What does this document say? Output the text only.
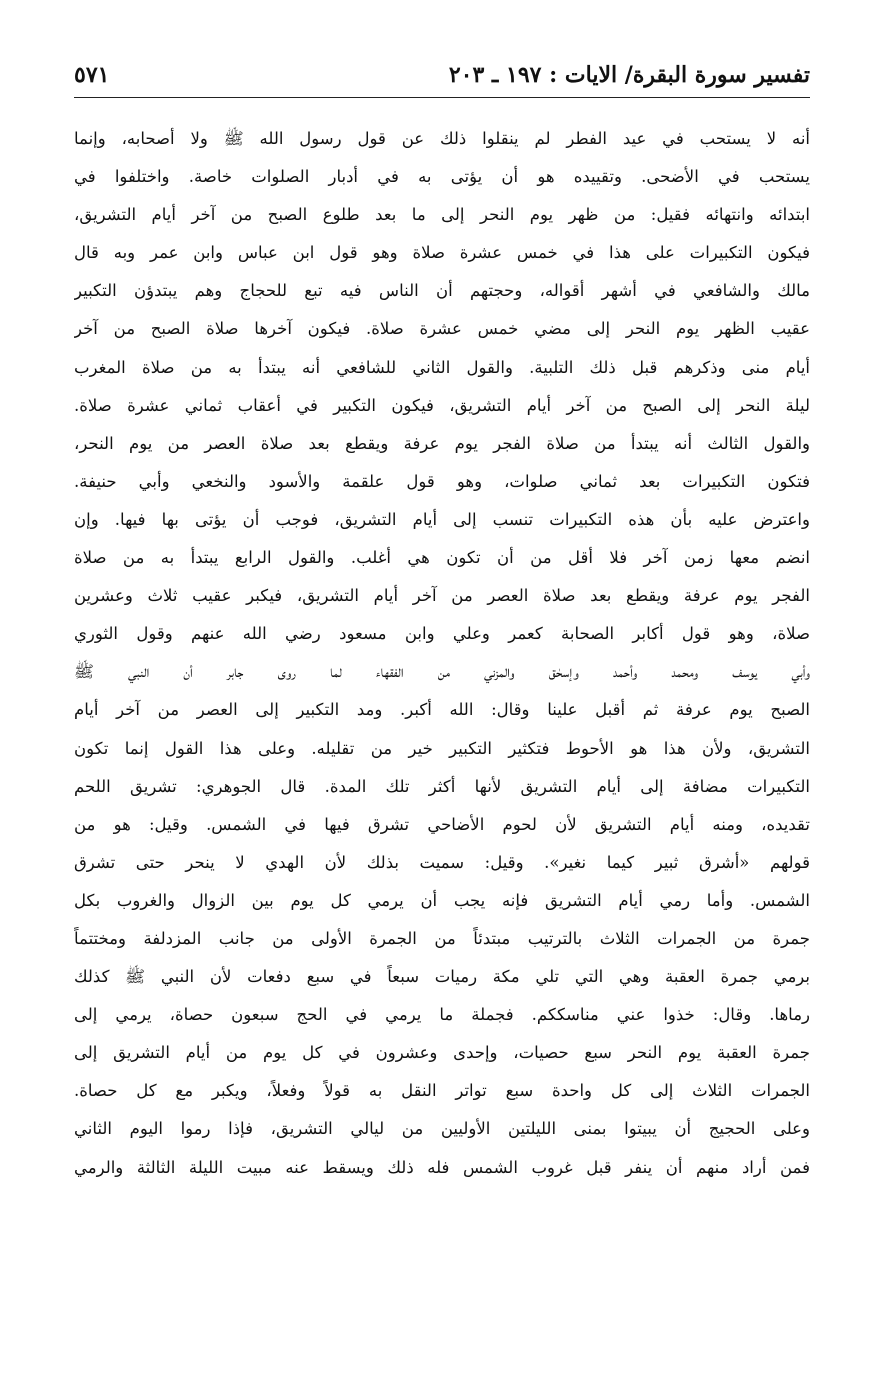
تفسير سورة البقرة/ الايات : ١٩٧ ـ ٢٠٣
٥٧١
أنه لا يستحب في عيد الفطر لم ينقلوا ذلك عن قول رسول الله ﷺ ولا أصحابه، وإنما
يستحب في الأضحى. وتقييده هو أن يؤتى به في أدبار الصلوات خاصة. واختلفوا في
ابتدائه وانتهائه فقيل: من ظهر يوم النحر إلى ما بعد طلوع الصبح من آخر أيام التشريق،
فيكون التكبيرات على هذا في خمس عشرة صلاة وهو قول ابن عباس وابن عمر وبه قال
مالك والشافعي في أشهر أقواله، وحجتهم أن الناس فيه تبع للحجاج وهم يبتدؤن التكبير
عقيب الظهر يوم النحر إلى مضي خمس عشرة صلاة. فيكون آخرها صلاة الصبح من آخر
أيام منى وذكرهم قبل ذلك التلبية. والقول الثاني للشافعي أنه يبتدأ به من صلاة المغرب
ليلة النحر إلى الصبح من آخر أيام التشريق، فيكون التكبير في أعقاب ثماني عشرة صلاة.
والقول الثالث أنه يبتدأ من صلاة الفجر يوم عرفة ويقطع بعد صلاة العصر من يوم النحر،
فتكون التكبيرات بعد ثماني صلوات، وهو قول علقمة والأسود والنخعي وأبي حنيفة.
واعترض عليه بأن هذه التكبيرات تنسب إلى أيام التشريق، فوجب أن يؤتى بها فيها. وإن
انضم معها زمن آخر فلا أقل من أن تكون هي أغلب. والقول الرابع يبتدأ به من صلاة
الفجر يوم عرفة ويقطع بعد صلاة العصر من آخر أيام التشريق، فيكبر عقيب ثلاث وعشرين
صلاة، وهو قول أكابر الصحابة كعمر وعلي وابن مسعود رضي الله عنهم وقول الثوري
وأبي يوسف ومحمد وأحمد وإسحٰق والمزني من الفقهاء لما روى جابر أن النبي ﷺ
الصبح يوم عرفة ثم أقبل علينا وقال: الله أكبر. ومد التكبير إلى العصر من آخر أيام
التشريق، ولأن هذا هو الأحوط فتكثير التكبير خير من تقليله. وعلى هذا القول إنما تكون
التكبيرات مضافة إلى أيام التشريق لأنها أكثر تلك المدة. قال الجوهري: تشريق اللحم
تقديده، ومنه أيام التشريق لأن لحوم الأضاحي تشرق فيها في الشمس. وقيل: هو من
قولهم «أشرق ثبير كيما نغير». وقيل: سميت بذلك لأن الهدي لا ينحر حتى تشرق
الشمس. وأما رمي أيام التشريق فإنه يجب أن يرمي كل يوم بين الزوال والغروب بكل
جمرة من الجمرات الثلاث بالترتيب مبتدئاً من الجمرة الأولى من جانب المزدلفة ومختتماً
برمي جمرة العقبة وهي التي تلي مكة رميات سبعاً في سبع دفعات لأن النبي ﷺ كذلك
رماها. وقال: خذوا عني مناسككم. فجملة ما يرمي في الحج سبعون حصاة، يرمي إلى
جمرة العقبة يوم النحر سبع حصيات، وإحدى وعشرون في كل يوم من أيام التشريق إلى
الجمرات الثلاث إلى كل واحدة سبع تواتر النقل به قولاً وفعلاً، ويكبر مع كل حصاة.
وعلى الحجيج أن يبيتوا بمنى الليلتين الأوليين من ليالي التشريق، فإذا رموا اليوم الثاني
فمن أراد منهم أن ينفر قبل غروب الشمس فله ذلك ويسقط عنه مبيت الليلة الثالثة والرمي
